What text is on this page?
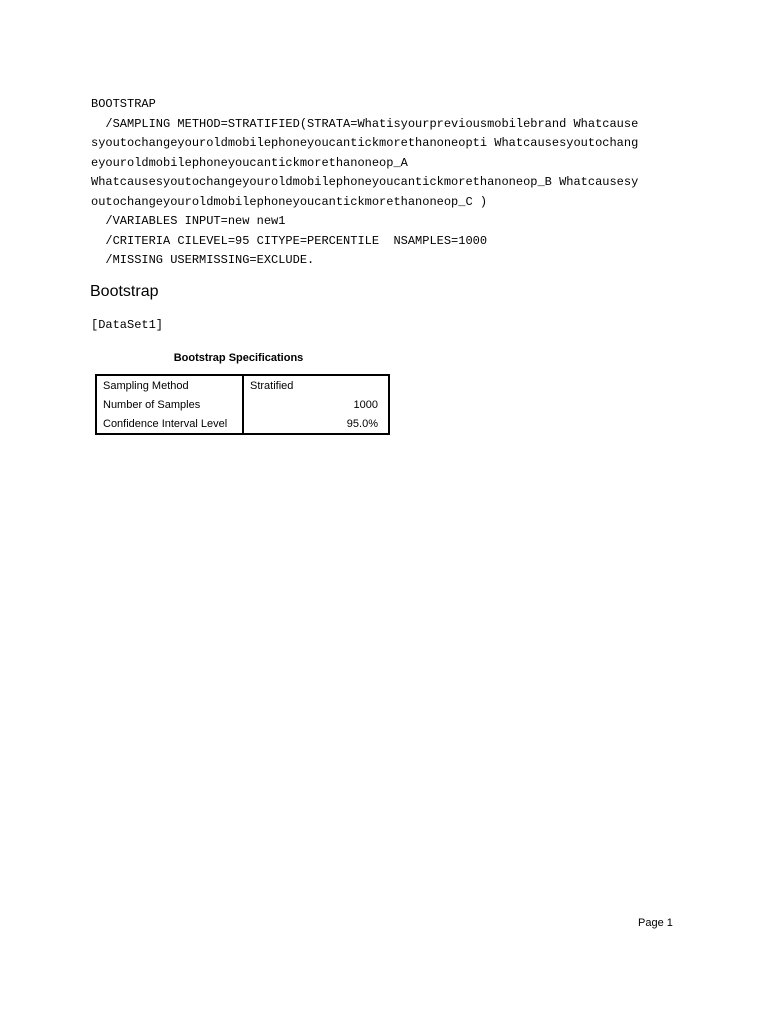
BOOTSTRAP
/SAMPLING METHOD=STRATIFIED(STRATA=Whatisyourpreviousmobilebrand Whatcause
syoutochangeyouroldmobilephoneyoucantickmorethanoneopti Whatcausesyoutochang
eyouroldmobilephoneyoucantickmorethanoneop_A
Whatcausesyoutochangeyouroldmobilephoneyoucantickmorethanoneop_B Whatcausesy
outochangeyouroldmobilephoneyoucantickmorethanoneop_C )
/VARIABLES INPUT=new new1
/CRITERIA CILEVEL=95 CITYPE=PERCENTILE  NSAMPLES=1000
/MISSING USERMISSING=EXCLUDE.
Bootstrap
[DataSet1]
Bootstrap Specifications
Sampling Method	Stratified
Number of Samples	1000
Confidence Interval Level	95.0%
Page 1
